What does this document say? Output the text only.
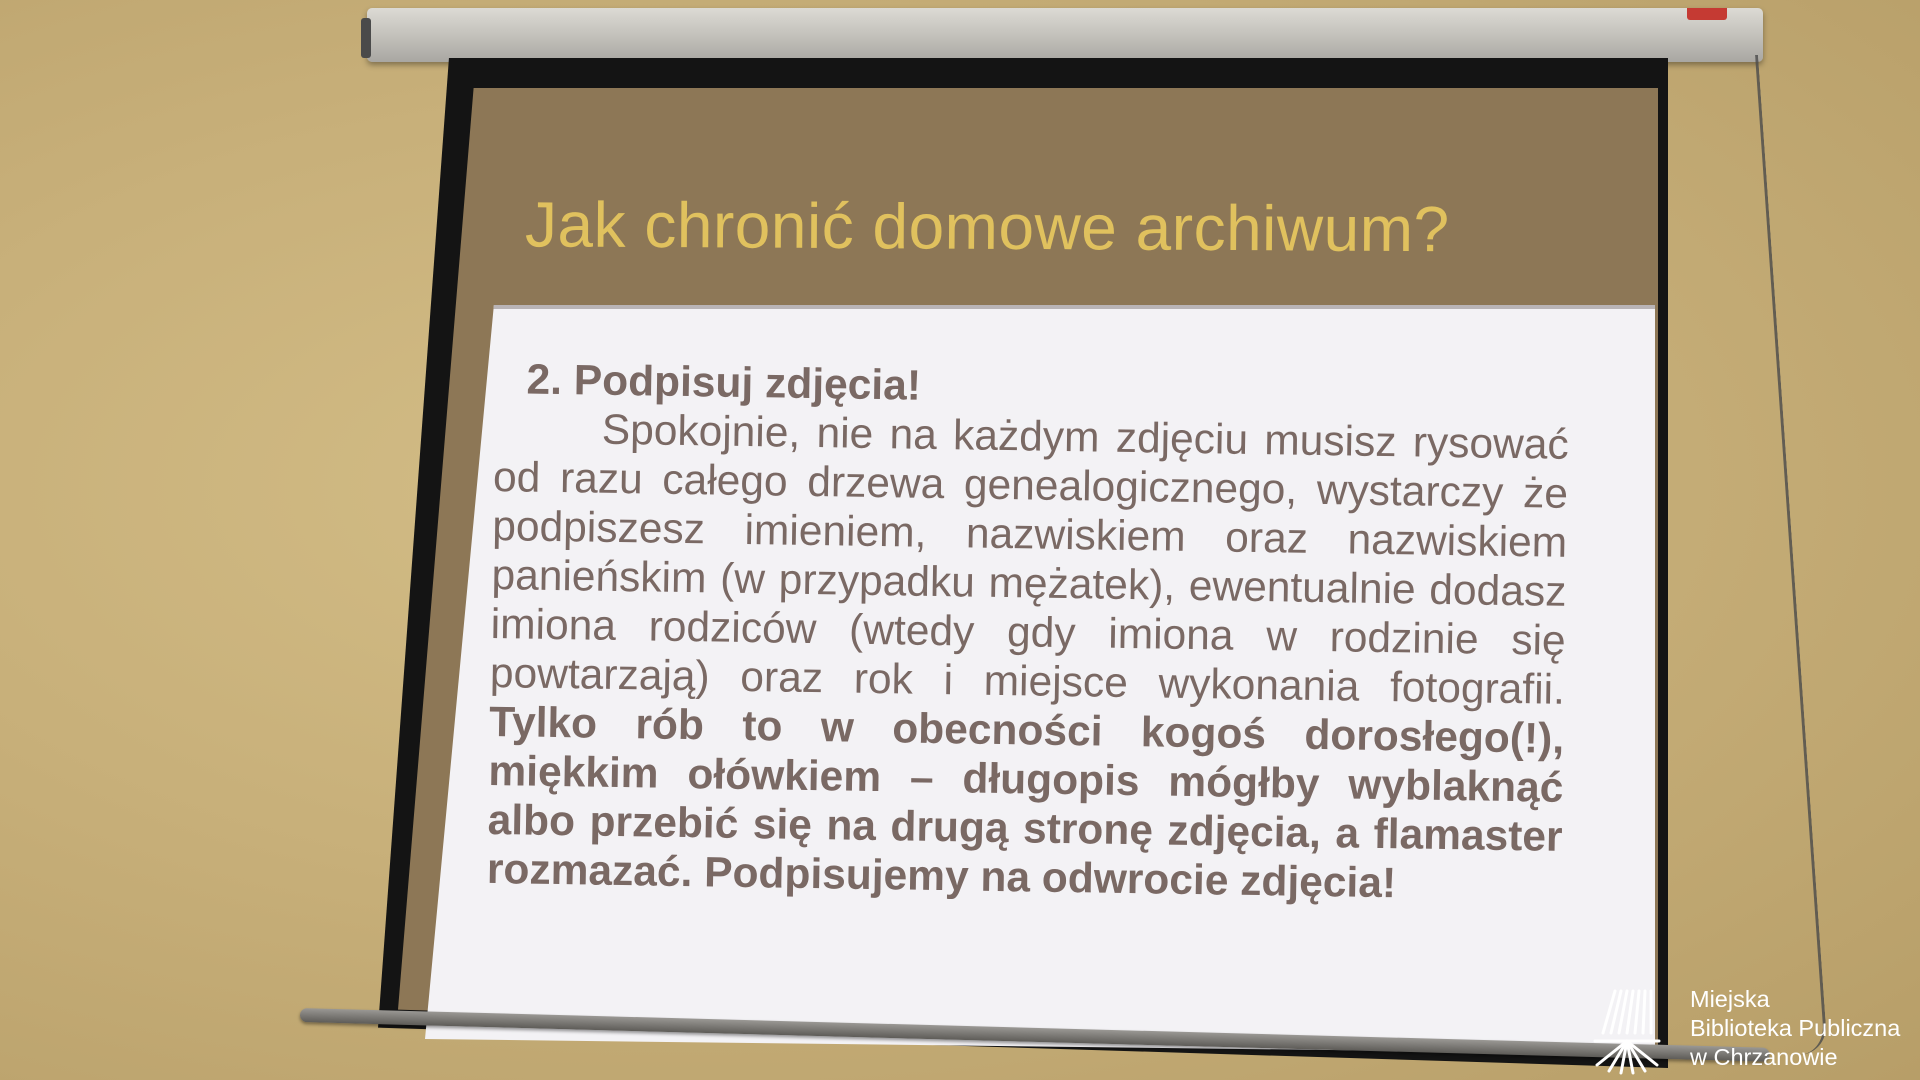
Jak chronić domowe archiwum?
2. Podpisuj zdjęcia!
Spokojnie, nie na każdym zdjęciu musisz rysować od razu całego drzewa genealogicznego, wystarczy że podpiszesz imieniem, nazwiskiem oraz nazwiskiem panieńskim (w przypadku mężatek), ewentualnie dodasz imiona rodziców (wtedy gdy imiona w rodzinie się powtarzają) oraz rok i miejsce wykonania fotografii. Tylko rób to w obecności kogoś dorosłego(!), miękkim ołówkiem – długopis mógłby wyblaknąć albo przebić się na drugą stronę zdjęcia, a flamaster rozmazać. Podpisujemy na odwrocie zdjęcia!
Miejska
Biblioteka Publiczna
w Chrzanowie
